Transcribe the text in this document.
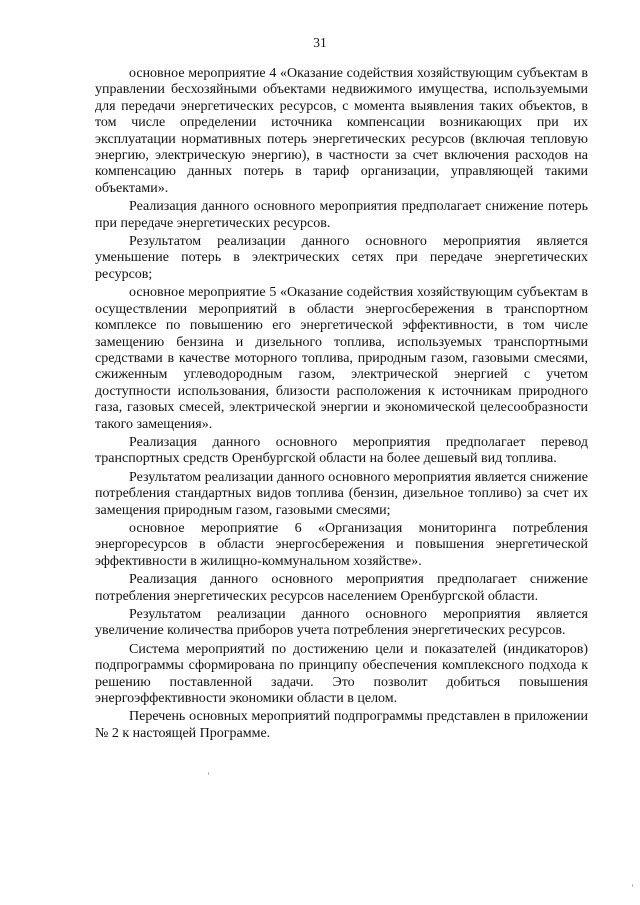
31

основное мероприятие 4 «Оказание содействия хозяйствующим субъектам в управлении бесхозяйными объектами недвижимого имущества, используемыми для передачи энергетических ресурсов, с момента выявления таких объектов, в том числе определении источника компенсации возникающих при их эксплуатации нормативных потерь энергетических ресурсов (включая тепловую энергию, электрическую энергию), в частности за счет включения расходов на компенсацию данных потерь в тариф организации, управляющей такими объектами».

Реализация данного основного мероприятия предполагает снижение потерь при передаче энергетических ресурсов.

Результатом реализации данного основного мероприятия является уменьшение потерь в электрических сетях при передаче энергетических ресурсов;

основное мероприятие 5 «Оказание содействия хозяйствующим субъектам в осуществлении мероприятий в области энергосбережения в транспортном комплексе по повышению его энергетической эффективности, в том числе замещению бензина и дизельного топлива, используемых транспортными средствами в качестве моторного топлива, природным газом, газовыми смесями, сжиженным углеводородным газом, электрической энергией с учетом доступности использования, близости расположения к источникам природного газа, газовых смесей, электрической энергии и экономической целесообразности такого замещения».

Реализация данного основного мероприятия предполагает перевод транспортных средств Оренбургской области на более дешевый вид топлива.

Результатом реализации данного основного мероприятия является снижение потребления стандартных видов топлива (бензин, дизельное топливо) за счет их замещения природным газом, газовыми смесями;

основное мероприятие 6 «Организация мониторинга потребления энергоресурсов в области энергосбережения и повышения энергетической эффективности в жилищно-коммунальном хозяйстве».

Реализация данного основного мероприятия предполагает снижение потребления энергетических ресурсов населением Оренбургской области.

Результатом реализации данного основного мероприятия является увеличение количества приборов учета потребления энергетических ресурсов.

Система мероприятий по достижению цели и показателей (индикаторов) подпрограммы сформирована по принципу обеспечения комплексного подхода к решению поставленной задачи. Это позволит добиться повышения энергоэффективности экономики области в целом.

Перечень основных мероприятий подпрограммы представлен в приложении № 2 к настоящей Программе.
